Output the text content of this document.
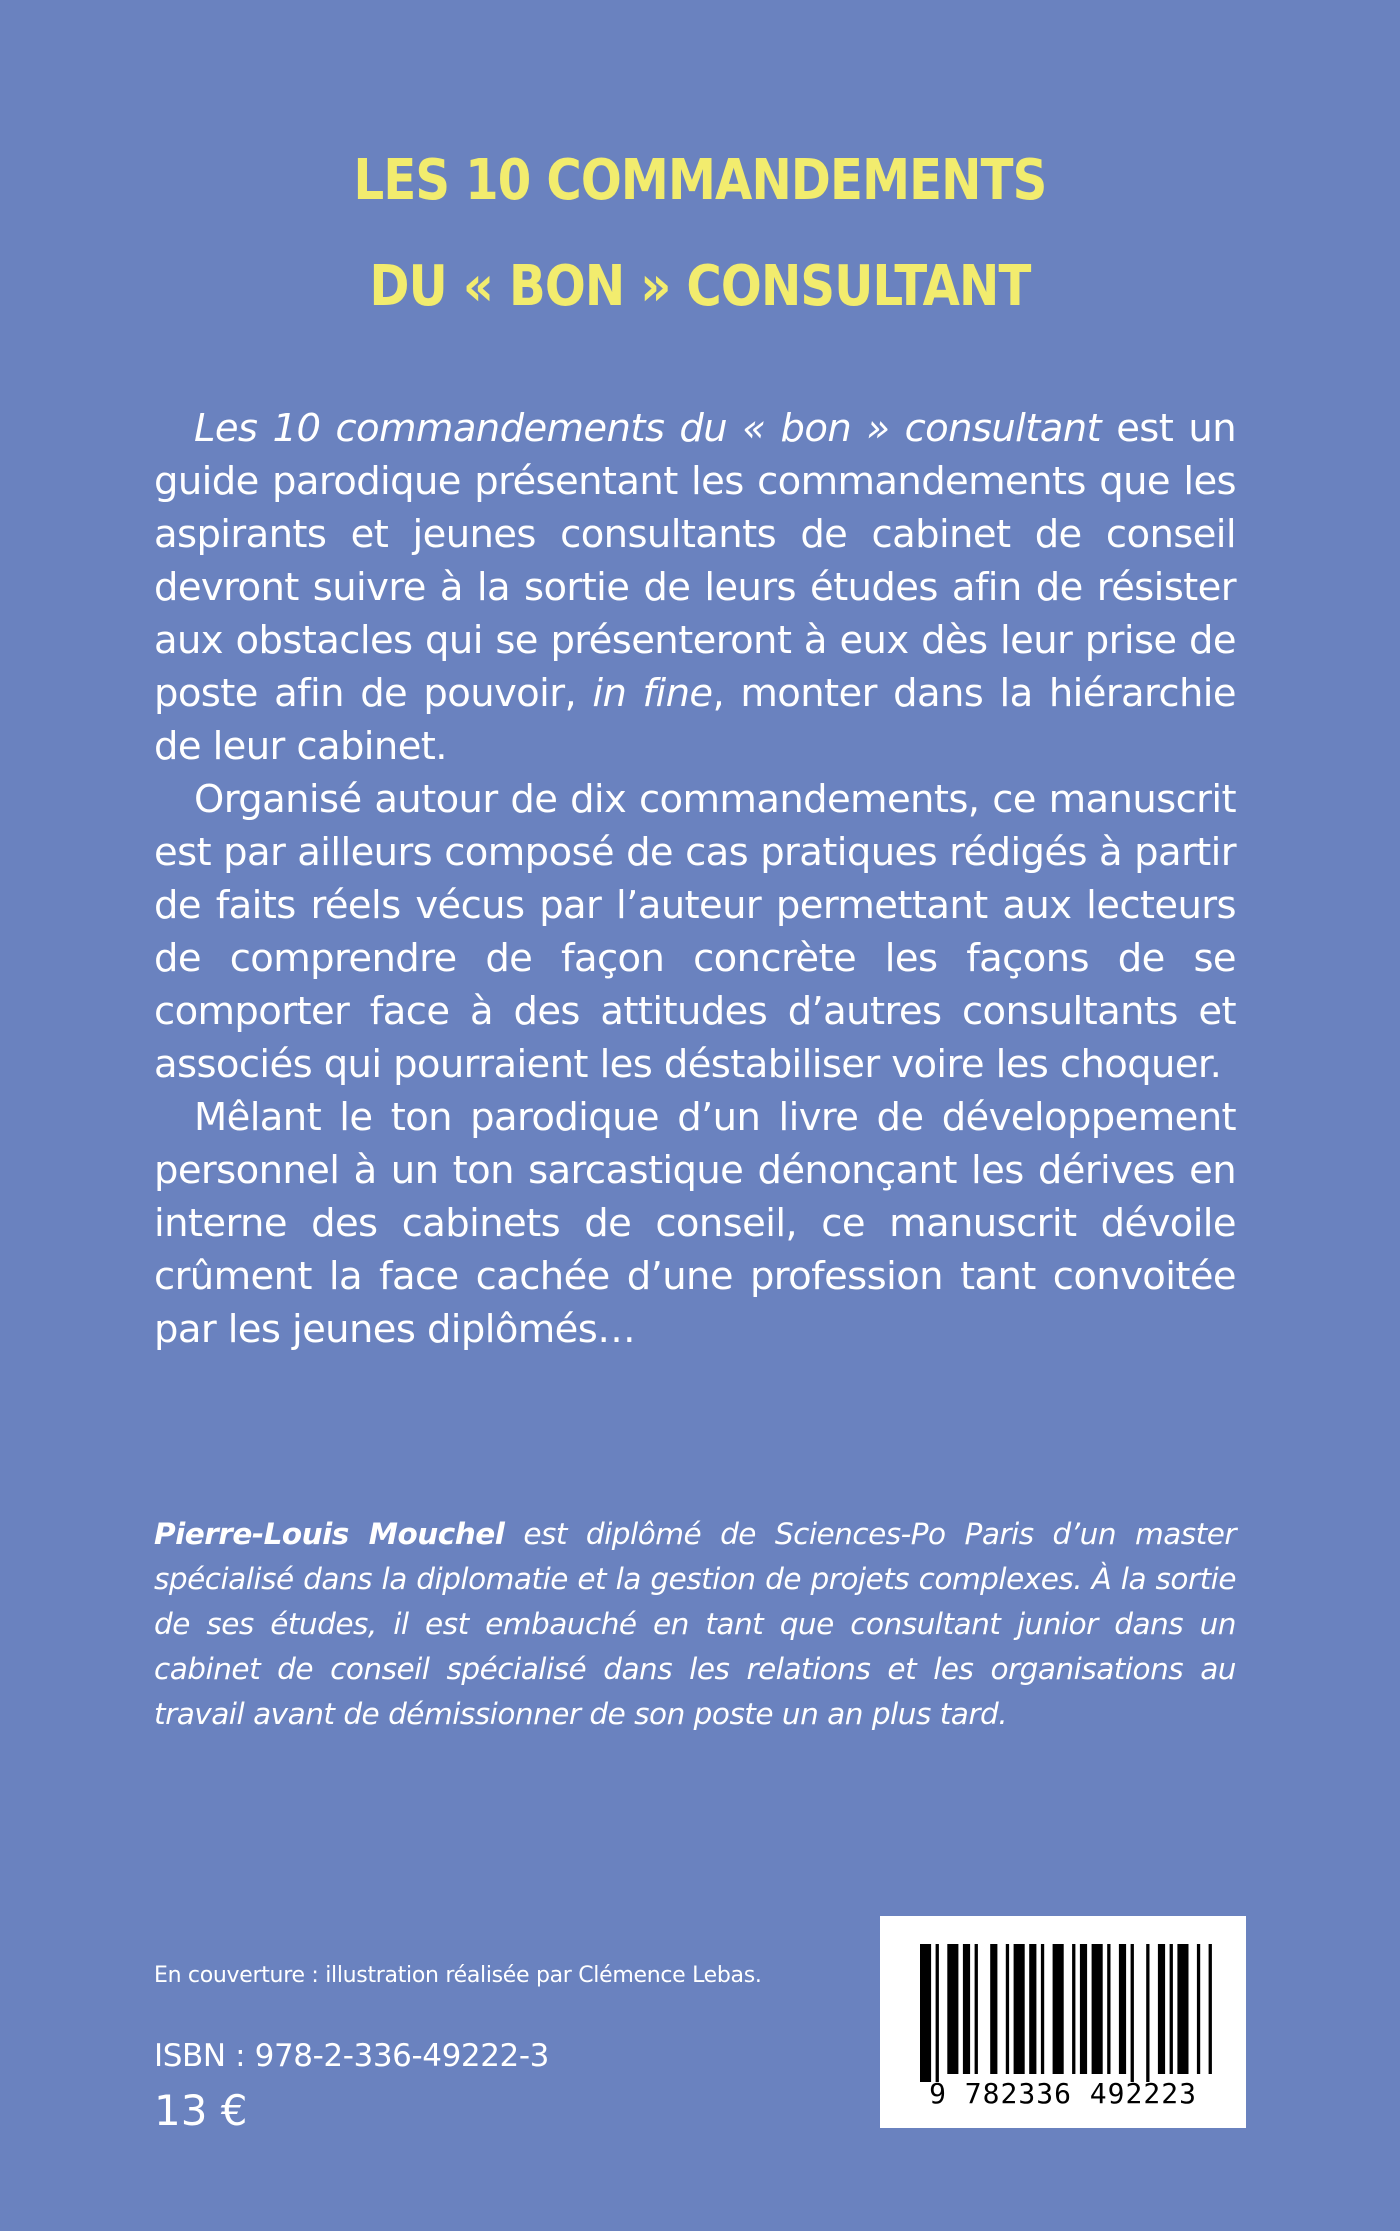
LES 10 COMMANDEMENTS
DU « BON » CONSULTANT

Les 10 commandements du « bon » consultant est un guide parodique présentant les commandements que les aspirants et jeunes consultants de cabinet de conseil devront suivre à la sortie de leurs études afin de résister aux obstacles qui se présenteront à eux dès leur prise de poste afin de pouvoir, in fine, monter dans la hiérarchie de leur cabinet.

Organisé autour de dix commandements, ce manuscrit est par ailleurs composé de cas pratiques rédigés à partir de faits réels vécus par l’auteur permettant aux lecteurs de comprendre de façon concrète les façons de se comporter face à des attitudes d’autres consultants et associés qui pourraient les déstabiliser voire les choquer.

Mêlant le ton parodique d’un livre de développement personnel à un ton sarcastique dénonçant les dérives en interne des cabinets de conseil, ce manuscrit dévoile crûment la face cachée d’une profession tant convoitée par les jeunes diplômés…

Pierre-Louis Mouchel est diplômé de Sciences-Po Paris d’un master spécialisé dans la diplomatie et la gestion de projets complexes. À la sortie de ses études, il est embauché en tant que consultant junior dans un cabinet de conseil spécialisé dans les relations et les organisations au travail avant de démissionner de son poste un an plus tard.
En couverture : illustration réalisée par Clémence Lebas.
ISBN : 978-2-336-49222-3
13 €	9 782336 492223
